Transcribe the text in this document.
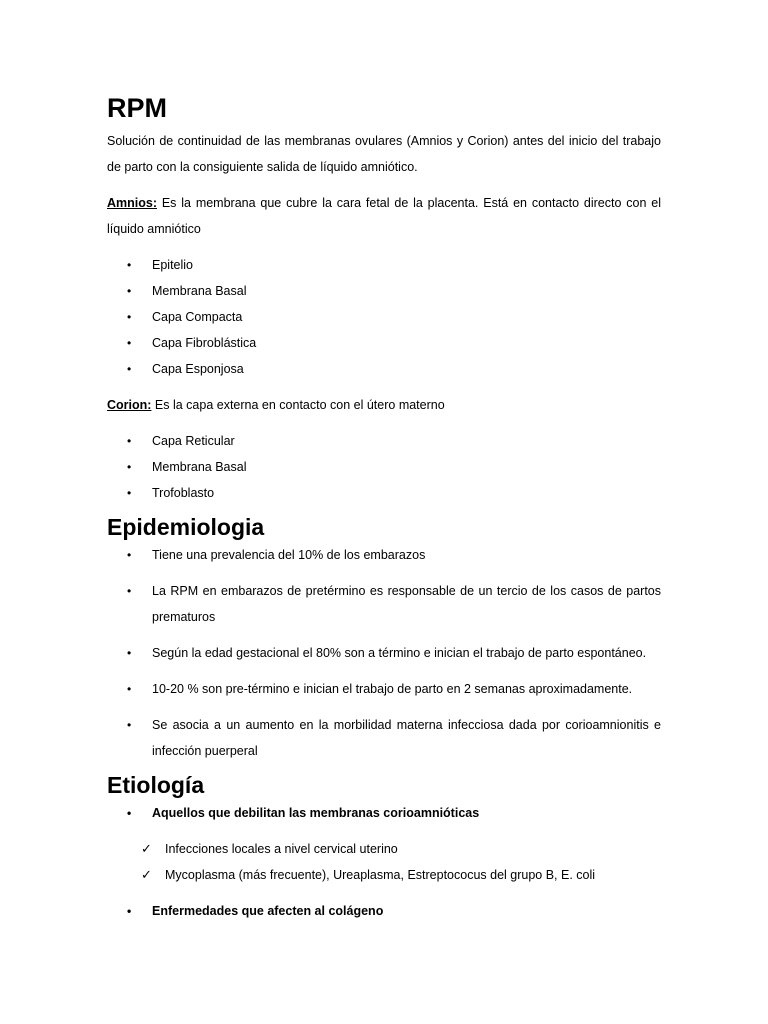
RPM

Solución de continuidad de las membranas ovulares (Amnios y Corion) antes del inicio del trabajo de parto con la consiguiente salida de líquido amniótico.

Amnios: Es la membrana que cubre la cara fetal de la placenta. Está en contacto directo con el líquido amniótico

• Epitelio
• Membrana Basal
• Capa Compacta
• Capa Fibroblástica
• Capa Esponjosa

Corion: Es la capa externa en contacto con el útero materno

• Capa Reticular
• Membrana Basal
• Trofoblasto
Epidemiologia
• Tiene una prevalencia del 10% de los embarazos
• La RPM en embarazos de pretérmino es responsable de un tercio de los casos de partos prematuros
• Según la edad gestacional el 80% son a término e inician el trabajo de parto espontáneo.
• 10-20 % son pre-término e inician el trabajo de parto en 2 semanas aproximadamente.
• Se asocia a un aumento en la morbilidad materna infecciosa dada por corioamnionitis e infección puerperal
Etiología
• Aquellos que debilitan las membranas corioamnióticas
✓ Infecciones locales a nivel cervical uterino
✓ Mycoplasma (más frecuente), Ureaplasma, Estreptococus del grupo B, E. coli
• Enfermedades que afecten al colágeno
